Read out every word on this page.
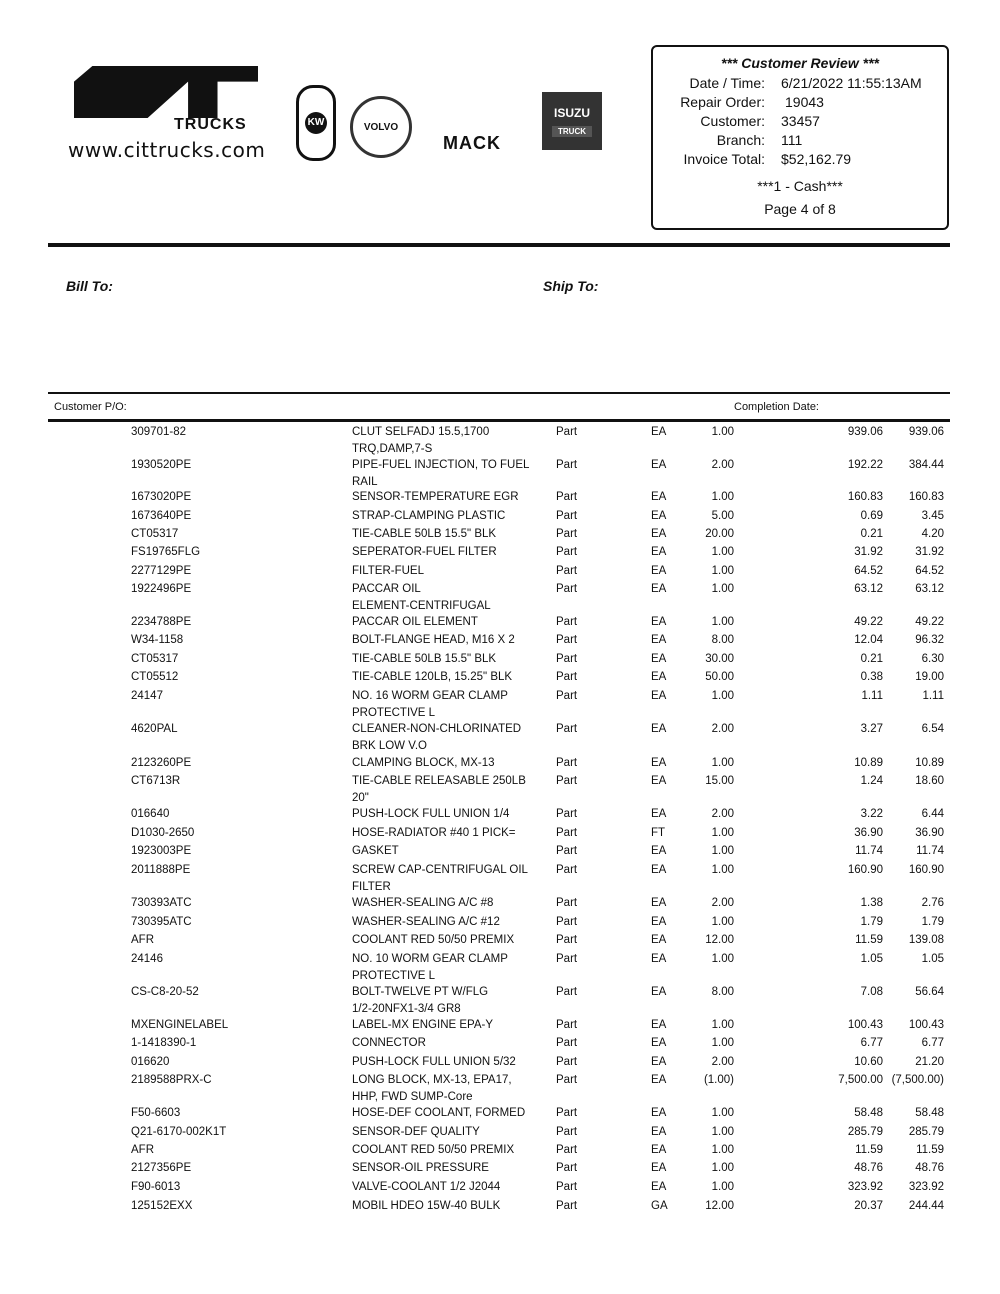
TRUCKS
www.cittrucks.com
KW	VOLVO
MACK
ISUZU
TRUCK
*** Customer Review ***
Date / Time: 6/21/2022 11:55:13AM
Repair Order: 19043
Customer: 33457
Branch: 111
Invoice Total: $52,162.79
***1 - Cash***
Page 4 of 8
Bill To:	Ship To:
Customer P/O:	Completion Date:
309701-82	CLUT SELFADJ 15.5,1700
TRQ,DAMP,7-S
Part	EA	1.00	939.06	939.06
1930520PE	PIPE-FUEL INJECTION, TO FUEL
RAIL
Part	EA	2.00	192.22	384.44
1673020PE	SENSOR-TEMPERATURE EGR	Part	EA	1.00	160.83	160.83
1673640PE	STRAP-CLAMPING PLASTIC	Part	EA	5.00	0.69	3.45
CT05317	TIE-CABLE 50LB 15.5" BLK	Part	EA	20.00	0.21	4.20
FS19765FLG	SEPERATOR-FUEL FILTER	Part	EA	1.00	31.92	31.92
2277129PE	FILTER-FUEL	Part	EA	1.00	64.52	64.52
1922496PE	PACCAR OIL
ELEMENT-CENTRIFUGAL
Part	EA	1.00	63.12	63.12
2234788PE	PACCAR OIL ELEMENT	Part	EA	1.00	49.22	49.22
W34-1158	BOLT-FLANGE HEAD, M16 X 2	Part	EA	8.00	12.04	96.32
CT05317	TIE-CABLE 50LB 15.5" BLK	Part	EA	30.00	0.21	6.30
CT05512	TIE-CABLE 120LB, 15.25" BLK	Part	EA	50.00	0.38	19.00
24147	NO. 16 WORM GEAR CLAMP
PROTECTIVE L
Part	EA	1.00	1.11	1.11
4620PAL	CLEANER-NON-CHLORINATED
BRK LOW V.O
Part	EA	2.00	3.27	6.54
2123260PE	CLAMPING BLOCK, MX-13	Part	EA	1.00	10.89	10.89
CT6713R	TIE-CABLE RELEASABLE 250LB
20"
Part	EA	15.00	1.24	18.60
016640	PUSH-LOCK FULL UNION 1/4	Part	EA	2.00	3.22	6.44
D1030-2650	HOSE-RADIATOR #40 1 PICK=	Part	FT	1.00	36.90	36.90
1923003PE	GASKET	Part	EA	1.00	11.74	11.74
2011888PE	SCREW CAP-CENTRIFUGAL OIL
FILTER
Part	EA	1.00	160.90	160.90
730393ATC	WASHER-SEALING A/C #8	Part	EA	2.00	1.38	2.76
730395ATC	WASHER-SEALING A/C #12	Part	EA	1.00	1.79	1.79
AFR	COOLANT RED 50/50 PREMIX	Part	EA	12.00	11.59	139.08
24146	NO. 10 WORM GEAR CLAMP
PROTECTIVE L
Part	EA	1.00	1.05	1.05
CS-C8-20-52	BOLT-TWELVE PT W/FLG
1/2-20NFX1-3/4 GR8
Part	EA	8.00	7.08	56.64
MXENGINELABEL	LABEL-MX ENGINE EPA-Y	Part	EA	1.00	100.43	100.43
1-1418390-1	CONNECTOR	Part	EA	1.00	6.77	6.77
016620	PUSH-LOCK FULL UNION 5/32	Part	EA	2.00	10.60	21.20
2189588PRX-C	LONG BLOCK, MX-13, EPA17,
HHP, FWD SUMP-Core
Part	EA	(1.00)	7,500.00 (7,500.00)
F50-6603	HOSE-DEF COOLANT, FORMED	Part	EA	1.00	58.48	58.48
Q21-6170-002K1T	SENSOR-DEF QUALITY	Part	EA	1.00	285.79	285.79
AFR	COOLANT RED 50/50 PREMIX	Part	EA	1.00	11.59	11.59
2127356PE	SENSOR-OIL PRESSURE	Part	EA	1.00	48.76	48.76
F90-6013	VALVE-COOLANT 1/2 J2044	Part	EA	1.00	323.92	323.92
125152EXX	MOBIL HDEO 15W-40 BULK	Part	GA	12.00	20.37	244.44
